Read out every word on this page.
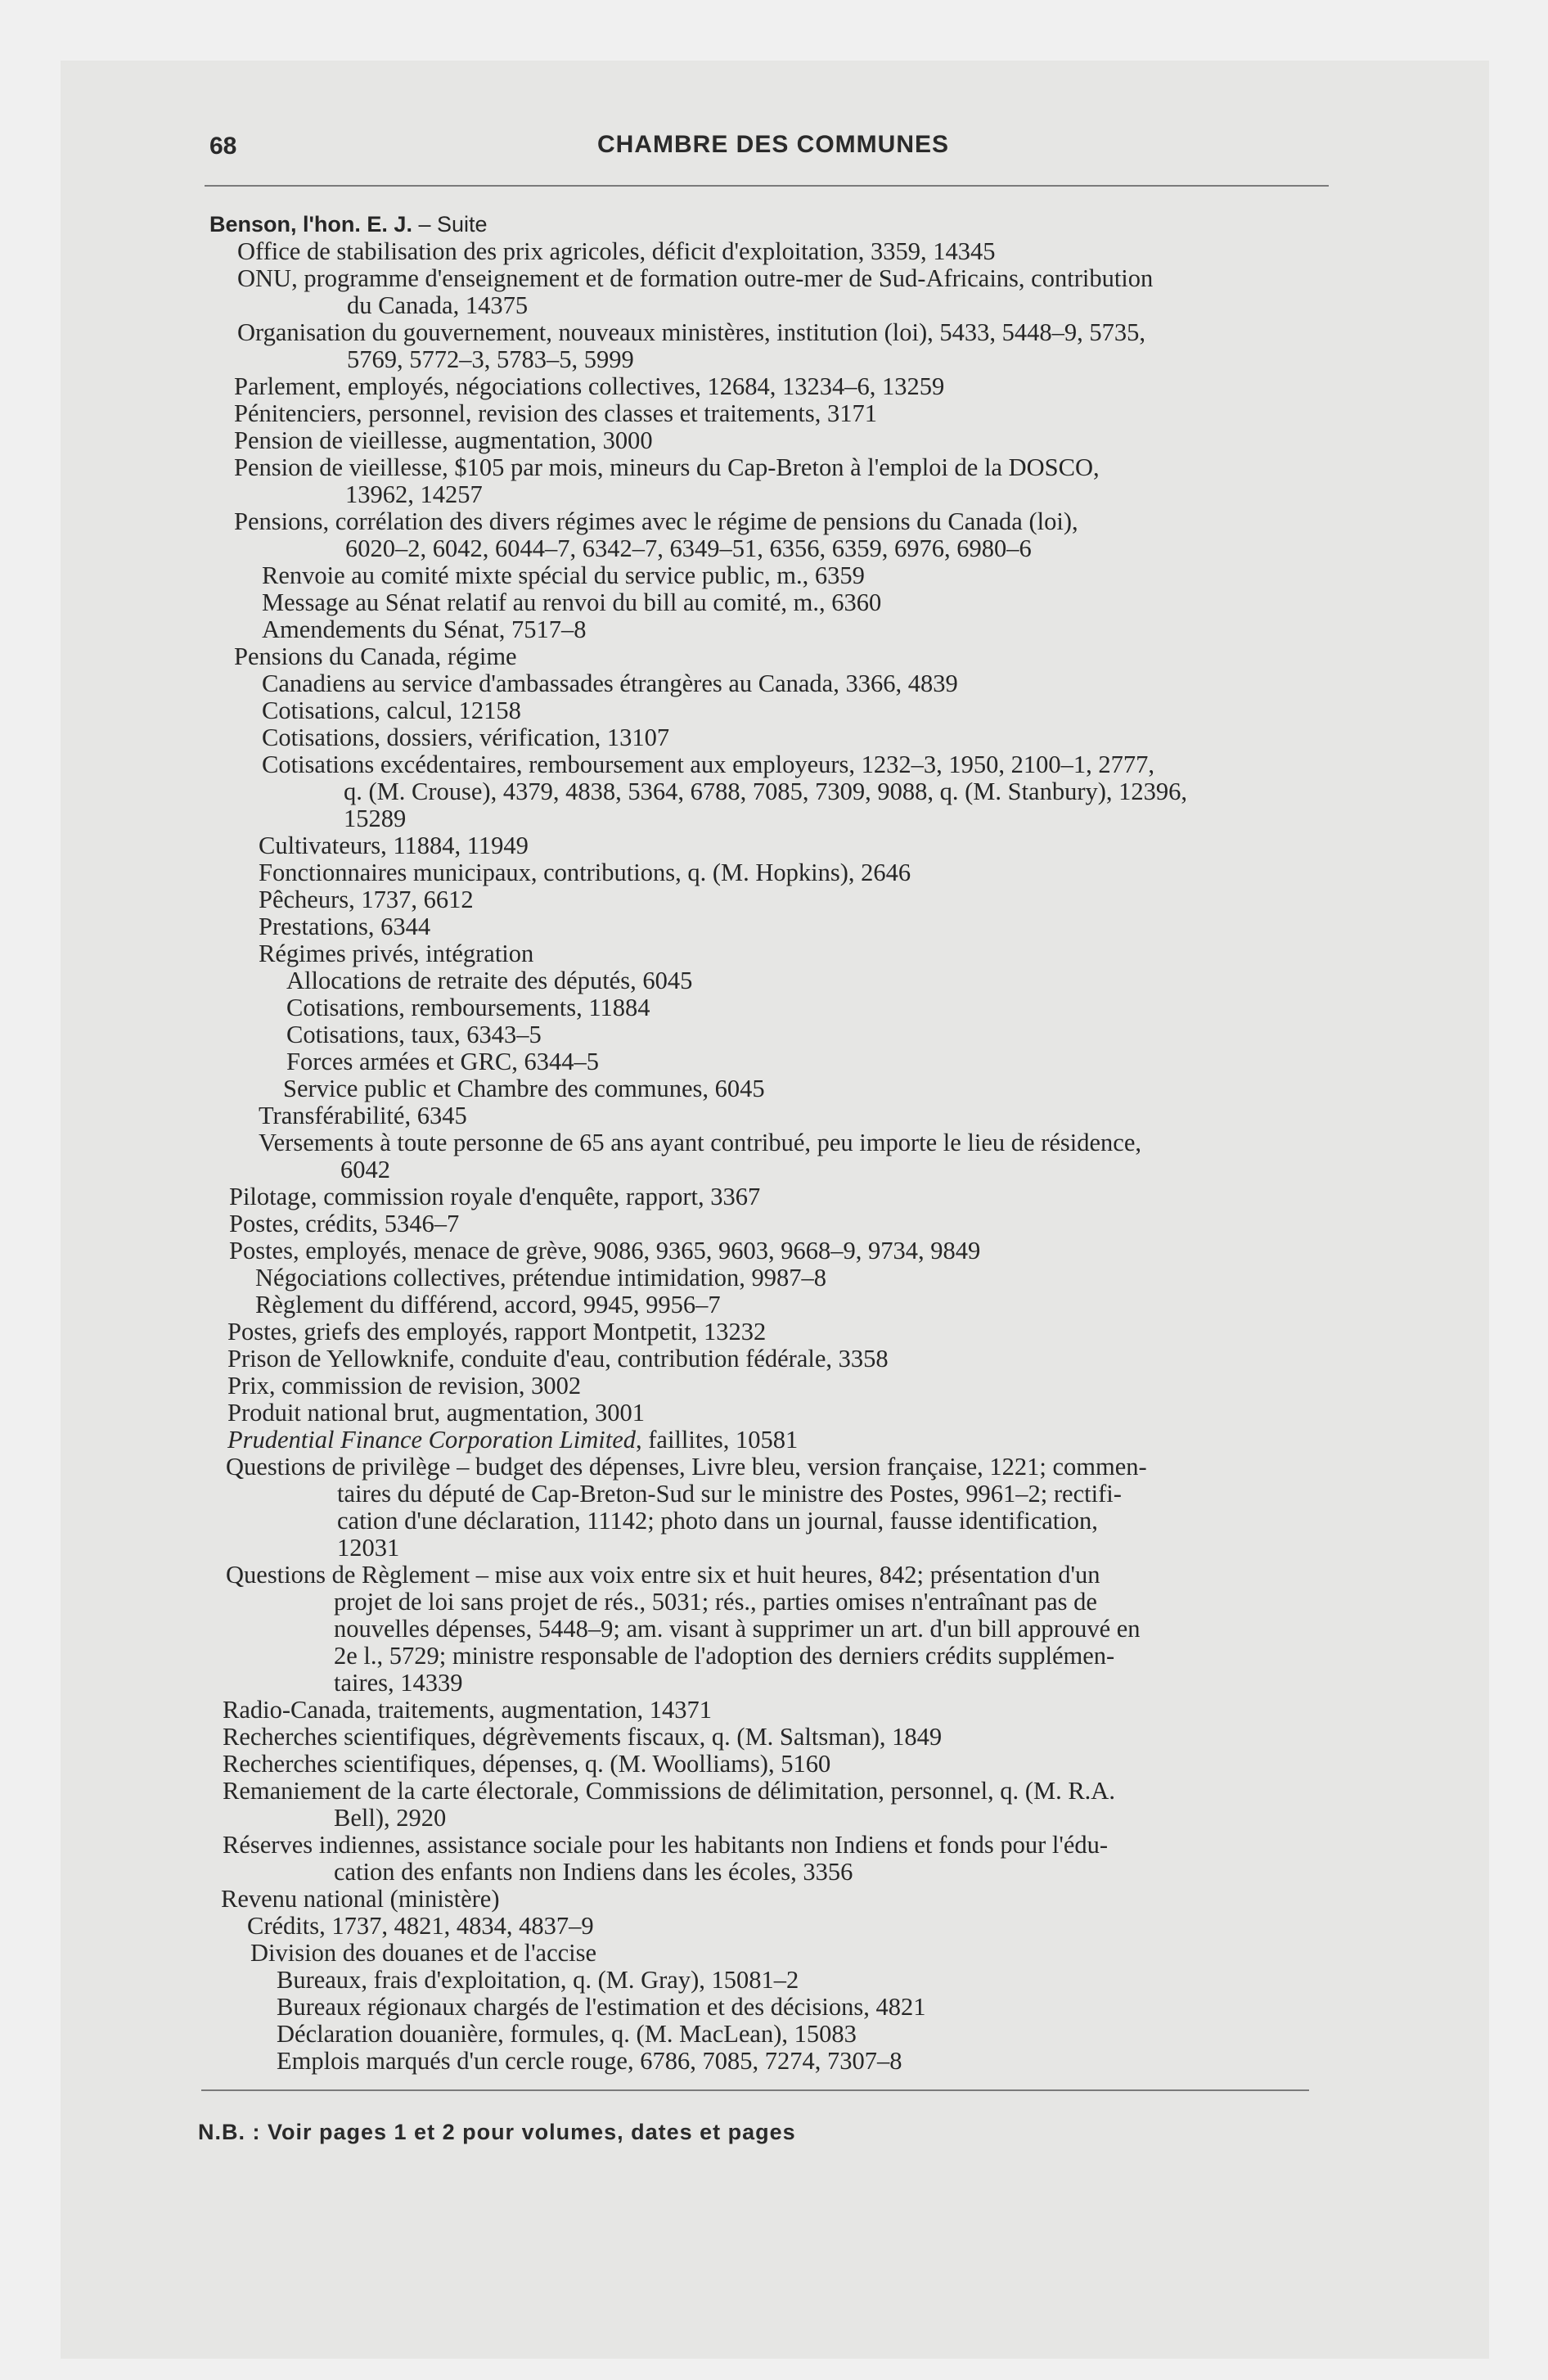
68	CHAMBRE DES COMMUNES
Benson, l'hon. E. J. – Suite
Office de stabilisation des prix agricoles, déficit d'exploitation, 3359, 14345
ONU, programme d'enseignement et de formation outre-mer de Sud-Africains, contribution
du Canada, 14375
Organisation du gouvernement, nouveaux ministères, institution (loi), 5433, 5448–9, 5735,
5769, 5772–3, 5783–5, 5999
Parlement, employés, négociations collectives, 12684, 13234–6, 13259
Pénitenciers, personnel, revision des classes et traitements, 3171
Pension de vieillesse, augmentation, 3000
Pension de vieillesse, $105 par mois, mineurs du Cap-Breton à l'emploi de la DOSCO,
13962, 14257
Pensions, corrélation des divers régimes avec le régime de pensions du Canada (loi),
6020–2, 6042, 6044–7, 6342–7, 6349–51, 6356, 6359, 6976, 6980–6
Renvoie au comité mixte spécial du service public, m., 6359
Message au Sénat relatif au renvoi du bill au comité, m., 6360
Amendements du Sénat, 7517–8
Pensions du Canada, régime
Canadiens au service d'ambassades étrangères au Canada, 3366, 4839
Cotisations, calcul, 12158
Cotisations, dossiers, vérification, 13107
Cotisations excédentaires, remboursement aux employeurs, 1232–3, 1950, 2100–1, 2777,
q. (M. Crouse), 4379, 4838, 5364, 6788, 7085, 7309, 9088, q. (M. Stanbury), 12396,
15289
Cultivateurs, 11884, 11949
Fonctionnaires municipaux, contributions, q. (M. Hopkins), 2646
Pêcheurs, 1737, 6612
Prestations, 6344
Régimes privés, intégration
Allocations de retraite des députés, 6045
Cotisations, remboursements, 11884
Cotisations, taux, 6343–5
Forces armées et GRC, 6344–5
Service public et Chambre des communes, 6045
Transférabilité, 6345
Versements à toute personne de 65 ans ayant contribué, peu importe le lieu de résidence,
6042
Pilotage, commission royale d'enquête, rapport, 3367
Postes, crédits, 5346–7
Postes, employés, menace de grève, 9086, 9365, 9603, 9668–9, 9734, 9849
Négociations collectives, prétendue intimidation, 9987–8
Règlement du différend, accord, 9945, 9956–7
Postes, griefs des employés, rapport Montpetit, 13232
Prison de Yellowknife, conduite d'eau, contribution fédérale, 3358
Prix, commission de revision, 3002
Produit national brut, augmentation, 3001
Prudential Finance Corporation Limited, faillites, 10581
Questions de privilège – budget des dépenses, Livre bleu, version française, 1221; commen-
taires du député de Cap-Breton-Sud sur le ministre des Postes, 9961–2; rectifi-
cation d'une déclaration, 11142; photo dans un journal, fausse identification,
12031
Questions de Règlement – mise aux voix entre six et huit heures, 842; présentation d'un
projet de loi sans projet de rés., 5031; rés., parties omises n'entraînant pas de
nouvelles dépenses, 5448–9; am. visant à supprimer un art. d'un bill approuvé en
2e l., 5729; ministre responsable de l'adoption des derniers crédits supplémen-
taires, 14339
Radio-Canada, traitements, augmentation, 14371
Recherches scientifiques, dégrèvements fiscaux, q. (M. Saltsman), 1849
Recherches scientifiques, dépenses, q. (M. Woolliams), 5160
Remaniement de la carte électorale, Commissions de délimitation, personnel, q. (M. R.A.
Bell), 2920
Réserves indiennes, assistance sociale pour les habitants non Indiens et fonds pour l'édu-
cation des enfants non Indiens dans les écoles, 3356
Revenu national (ministère)
Crédits, 1737, 4821, 4834, 4837–9
Division des douanes et de l'accise
Bureaux, frais d'exploitation, q. (M. Gray), 15081–2
Bureaux régionaux chargés de l'estimation et des décisions, 4821
Déclaration douanière, formules, q. (M. MacLean), 15083
Emplois marqués d'un cercle rouge, 6786, 7085, 7274, 7307–8
N.B. : Voir pages 1 et 2 pour volumes, dates et pages
